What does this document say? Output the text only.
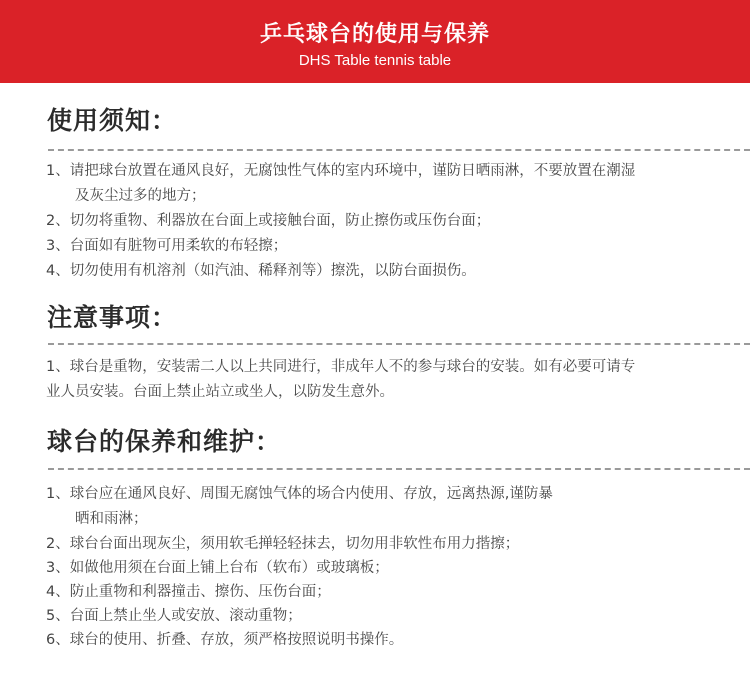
乒乓球台的使用与保养
DHS Table tennis table
使用须知：
1、请把球台放置在通风良好，无腐蚀性气体的室内环境中，谨防日晒雨淋，不要放置在潮湿
及灰尘过多的地方；
2、切勿将重物、利器放在台面上或接触台面，防止擦伤或压伤台面；
3、台面如有脏物可用柔软的布轻擦；
4、切勿使用有机溶剂（如汽油、稀释剂等）擦洗，以防台面损伤。
注意事项：
1、球台是重物，安装需二人以上共同进行，非成年人不的参与球台的安装。如有必要可请专
业人员安装。台面上禁止站立或坐人，以防发生意外。
球台的保养和维护：
1、球台应在通风良好、周围无腐蚀气体的场合内使用、存放，远离热源,谨防暴
晒和雨淋；
2、球台台面出现灰尘，须用软毛掸轻轻抹去，切勿用非软性布用力揩擦；
3、如做他用须在台面上铺上台布（软布）或玻璃板；
4、防止重物和利器撞击、擦伤、压伤台面；
5、台面上禁止坐人或安放、滚动重物；
6、球台的使用、折叠、存放，须严格按照说明书操作。
